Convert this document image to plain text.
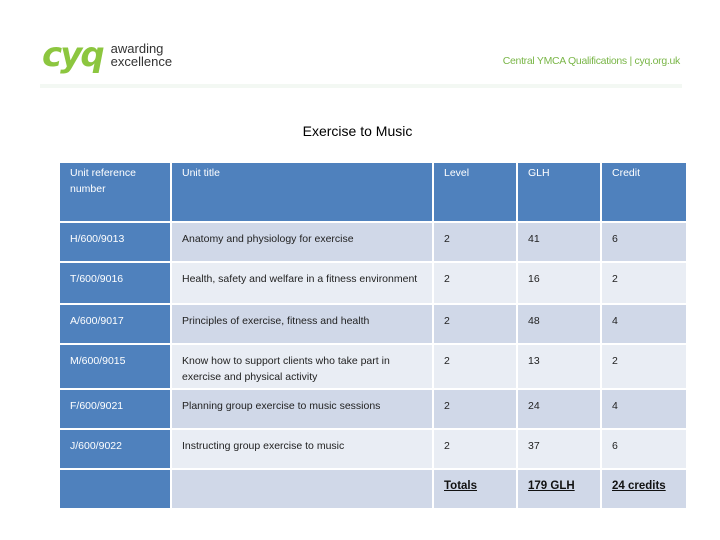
cyq awarding
excellence	Central YMCA Qualifications | cyq.org.uk
Exercise to Music
Unit reference number	Unit title	Level	GLH	Credit
H/600/9013	Anatomy and physiology for exercise	2	41	6
T/600/9016	Health, safety and welfare in a fitness environment	2	16	2
A/600/9017	Principles of exercise, fitness and health	2	48	4
M/600/9015	Know how to support clients who take part in exercise and physical activity	2	13	2
F/600/9021	Planning group exercise to music sessions	2	24	4
J/600/9022	Instructing group exercise to music	2	37	6
		Totals	179 GLH	24 credits
